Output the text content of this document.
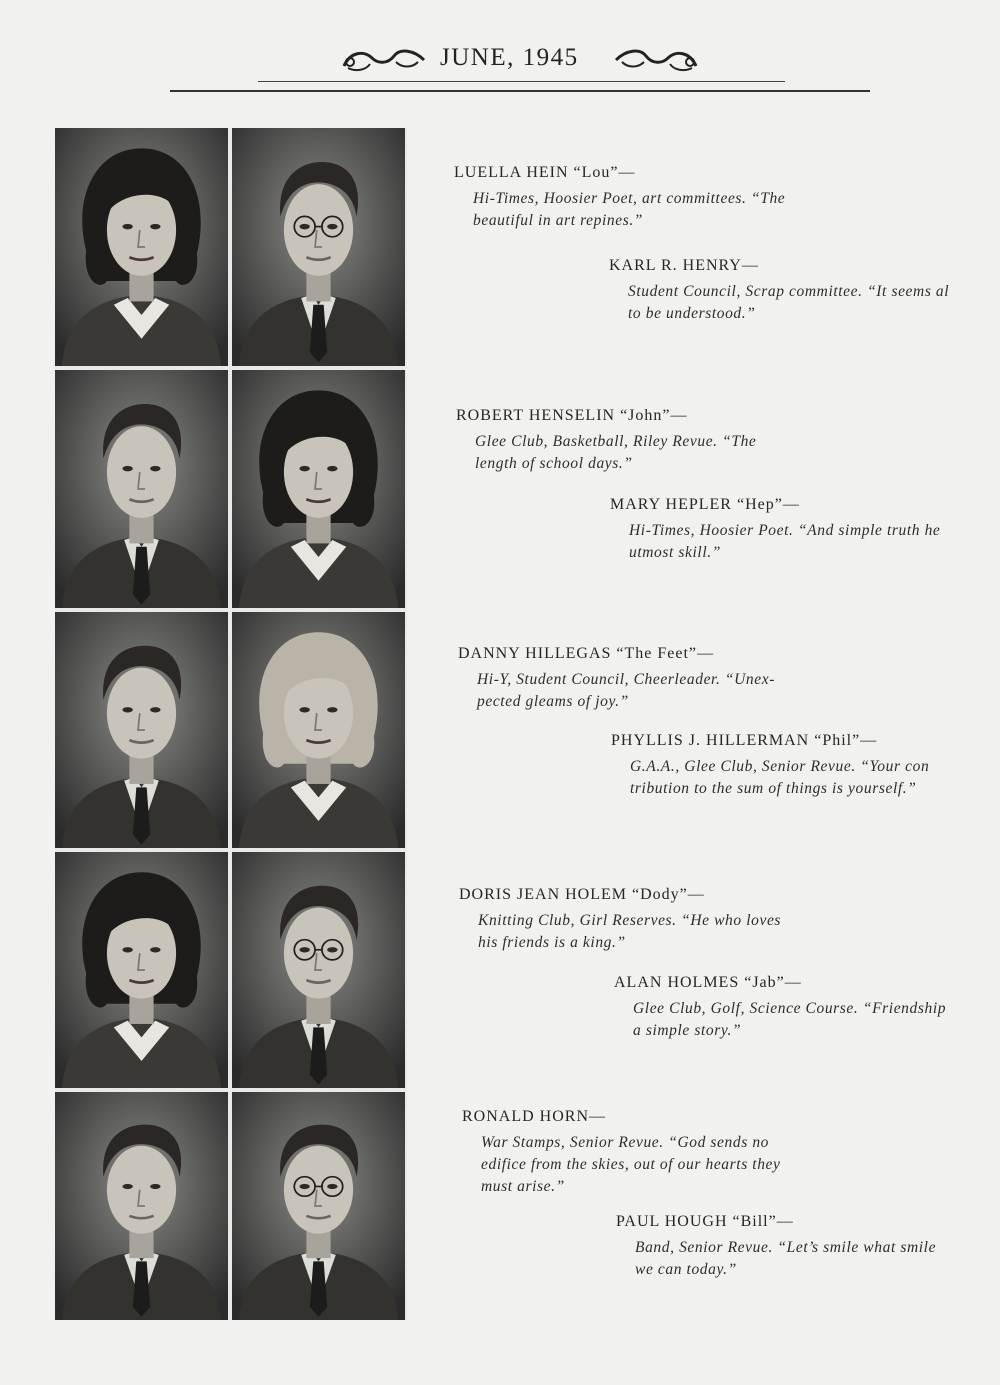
JUNE, 1945
LUELLA HEIN “Lou”—
Hi-Times, Hoosier Poet, art committees. “The
beautiful in art repines.”
KARL R. HENRY—
Student Council, Scrap committee. “It seems al
to be understood.”
ROBERT HENSELIN “John”—
Glee Club, Basketball, Riley Revue. “The
length of school days.”
MARY HEPLER “Hep”—
Hi-Times, Hoosier Poet. “And simple truth he
utmost skill.”
DANNY HILLEGAS “The Feet”—
Hi-Y, Student Council, Cheerleader. “Unex-
pected gleams of joy.”
PHYLLIS J. HILLERMAN “Phil”—
G.A.A., Glee Club, Senior Revue. “Your con
tribution to the sum of things is yourself.”
DORIS JEAN HOLEM “Dody”—
Knitting Club, Girl Reserves. “He who loves
his friends is a king.”
ALAN HOLMES “Jab”—
Glee Club, Golf, Science Course. “Friendship
a simple story.”
RONALD HORN—
War Stamps, Senior Revue. “God sends no
edifice from the skies, out of our hearts they
must arise.”
PAUL HOUGH “Bill”—
Band, Senior Revue. “Let’s smile what smile
we can today.”
